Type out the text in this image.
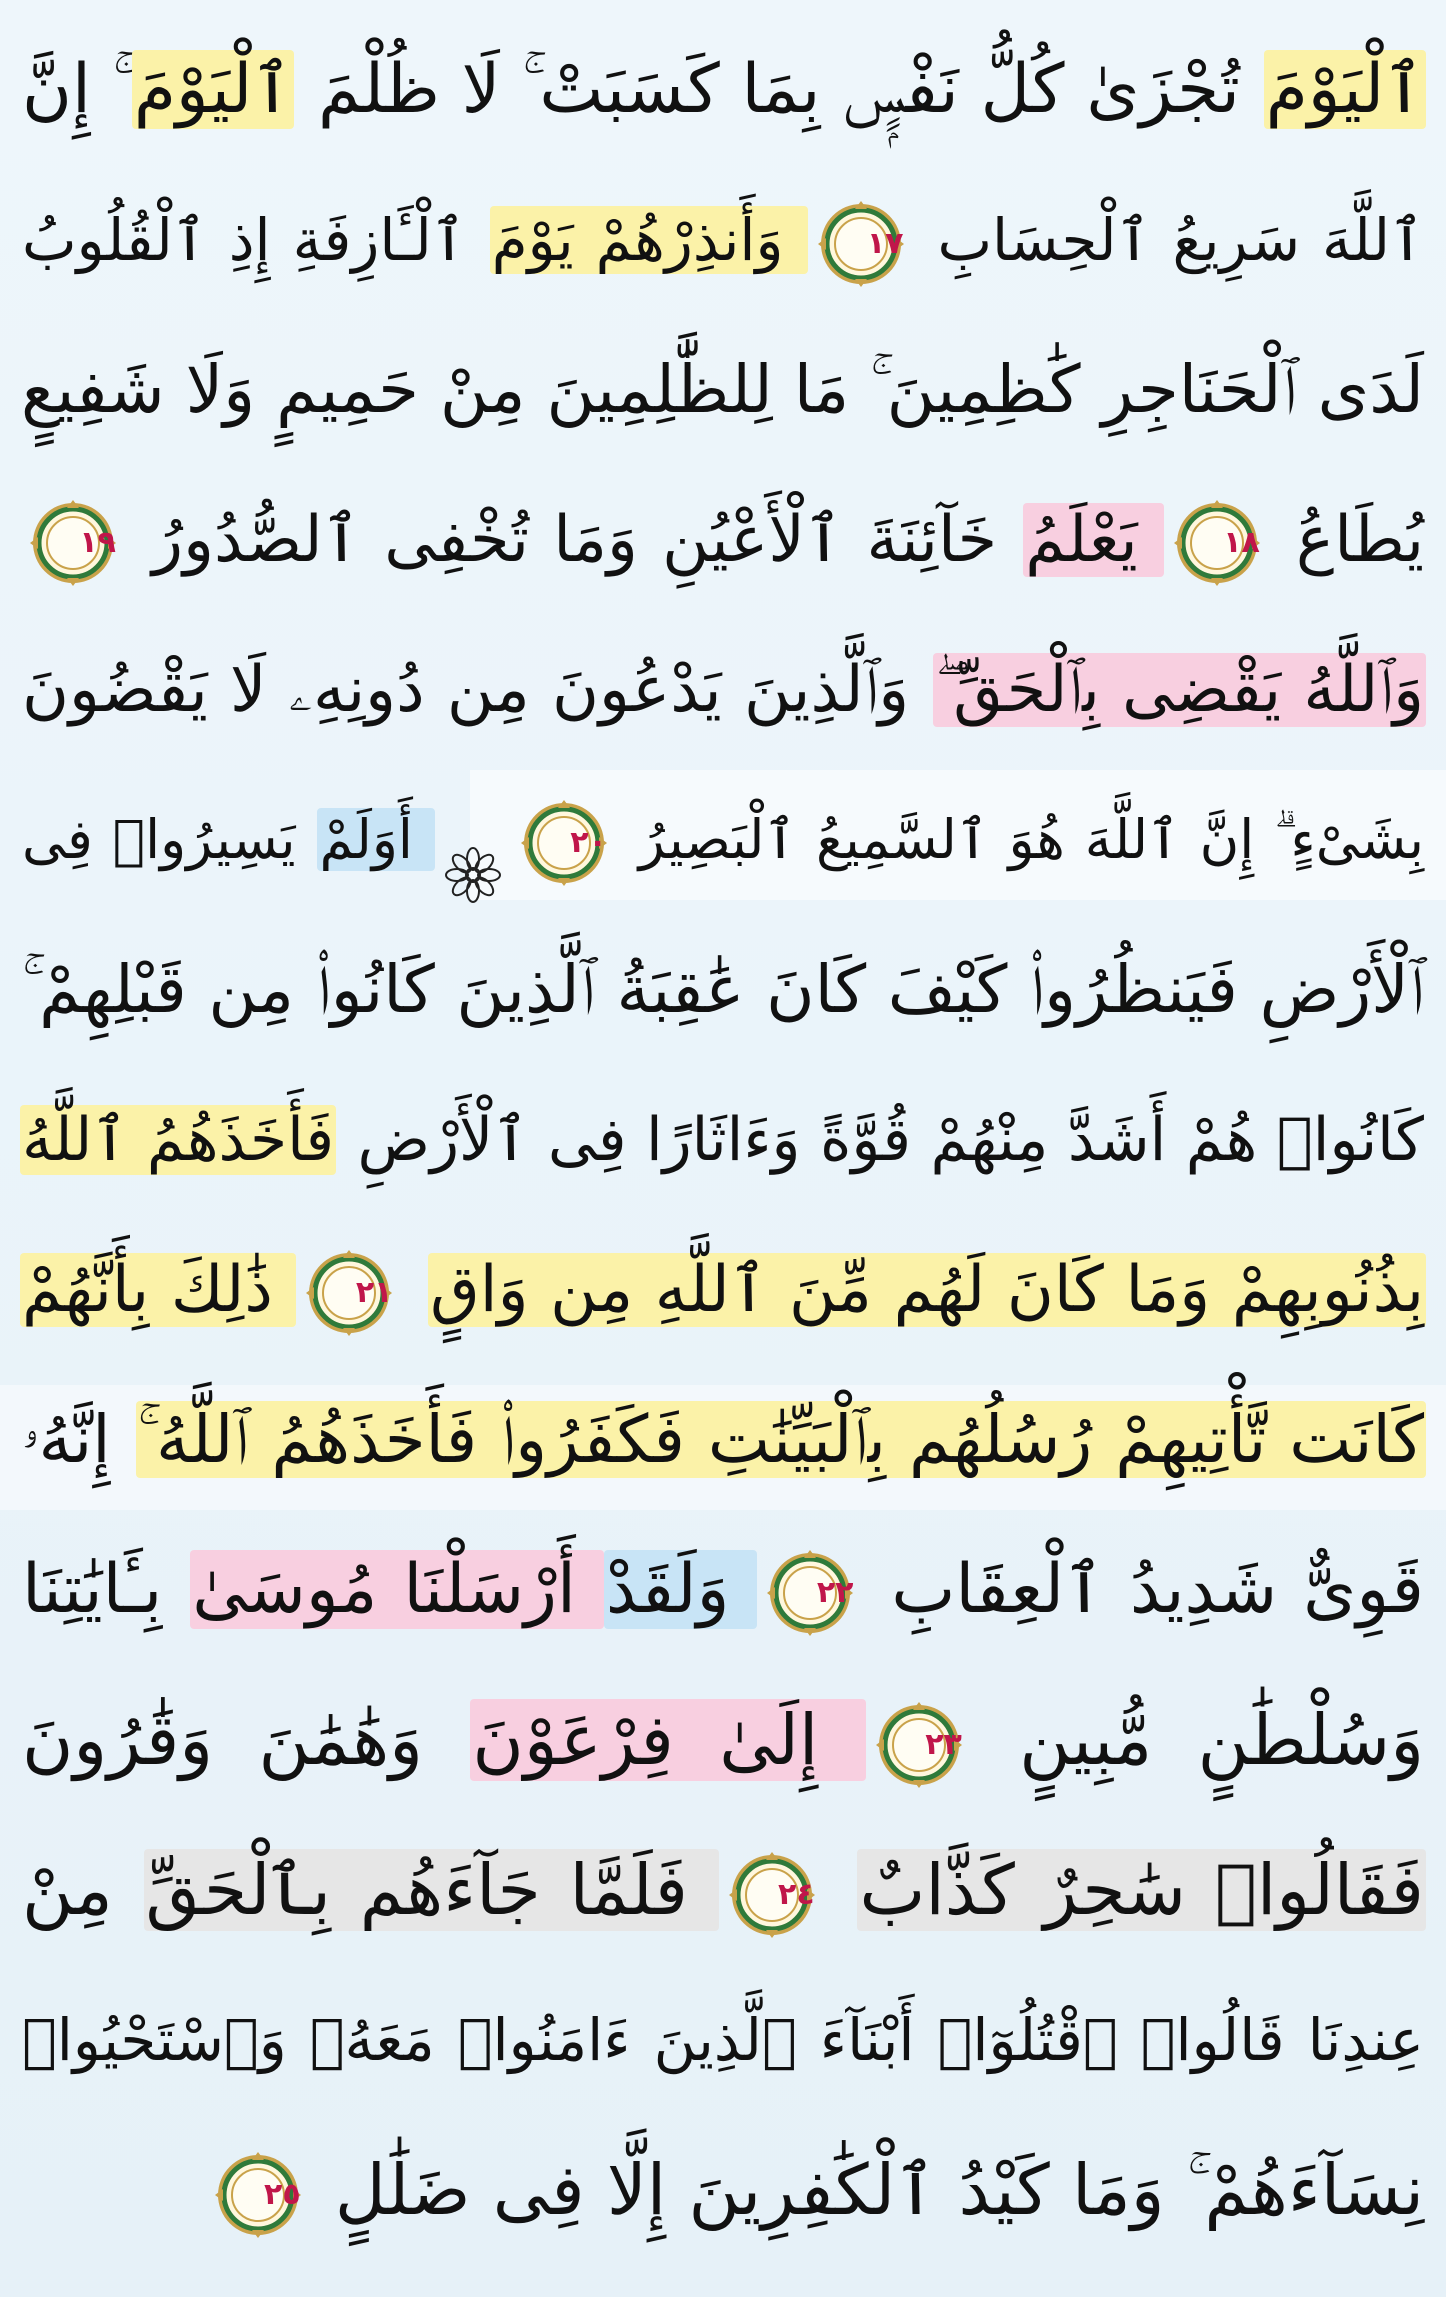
ٱلْيَوْمَ تُجْزَىٰ كُلُّ نَفْسٍۭ بِمَا كَسَبَتْ ۚ لَا ظُلْمَ ٱلْيَوْمَ ۚ إِنَّ
ٱللَّهَ سَرِيعُ ٱلْحِسَابِ
١٧
وَأَنذِرْهُمْ يَوْمَ ٱلْـَٔازِفَةِ إِذِ ٱلْقُلُوبُ
لَدَى ٱلْحَنَاجِرِ كَٰظِمِينَ ۚ مَا لِلظَّٰلِمِينَ مِنْ حَمِيمٍ وَلَا شَفِيعٍ
يُطَاعُ
١٨
يَعْلَمُ خَآئِنَةَ ٱلْأَعْيُنِ وَمَا تُخْفِى ٱلصُّدُورُ
١٩
وَٱللَّهُ يَقْضِى بِٱلْحَقِّ ۖ وَٱلَّذِينَ يَدْعُونَ مِن دُونِهِۦ لَا يَقْضُونَ
بِشَىْءٍ ۗ إِنَّ ٱللَّهَ هُوَ ٱلسَّمِيعُ ٱلْبَصِيرُ
٢٠
أَوَلَمْ يَسِيرُوا۟ فِى
ٱلْأَرْضِ فَيَنظُرُوا۟ كَيْفَ كَانَ عَٰقِبَةُ ٱلَّذِينَ كَانُوا۟ مِن قَبْلِهِمْ ۚ
كَانُوا۟ هُمْ أَشَدَّ مِنْهُمْ قُوَّةً وَءَاثَارًا فِى ٱلْأَرْضِ فَأَخَذَهُمُ ٱللَّهُ
بِذُنُوبِهِمْ وَمَا كَانَ لَهُم مِّنَ ٱللَّهِ مِن وَاقٍ
٢١
ذَٰلِكَ بِأَنَّهُمْ
كَانَت تَّأْتِيهِمْ رُسُلُهُم بِٱلْبَيِّنَٰتِ فَكَفَرُوا۟ فَأَخَذَهُمُ ٱللَّهُ ۚ إِنَّهُۥ
قَوِىٌّ شَدِيدُ ٱلْعِقَابِ
٢٢
وَلَقَدْ أَرْسَلْنَا مُوسَىٰ بِـَٔايَٰتِنَا
وَسُلْطَٰنٍ مُّبِينٍ
٢٣
إِلَىٰ فِرْعَوْنَ وَهَٰمَٰنَ وَقَٰرُونَ
فَقَالُوا۟ سَٰحِرٌ كَذَّابٌ
٢٤
فَلَمَّا جَآءَهُم بِٱلْحَقِّ مِنْ
عِندِنَا قَالُوا۟ ٱقْتُلُوٓا۟ أَبْنَآءَ ٱلَّذِينَ ءَامَنُوا۟ مَعَهُۥ وَٱسْتَحْيُوا۟
نِسَآءَهُمْ ۚ وَمَا كَيْدُ ٱلْكَٰفِرِينَ إِلَّا فِى ضَلَٰلٍ
٢٥
